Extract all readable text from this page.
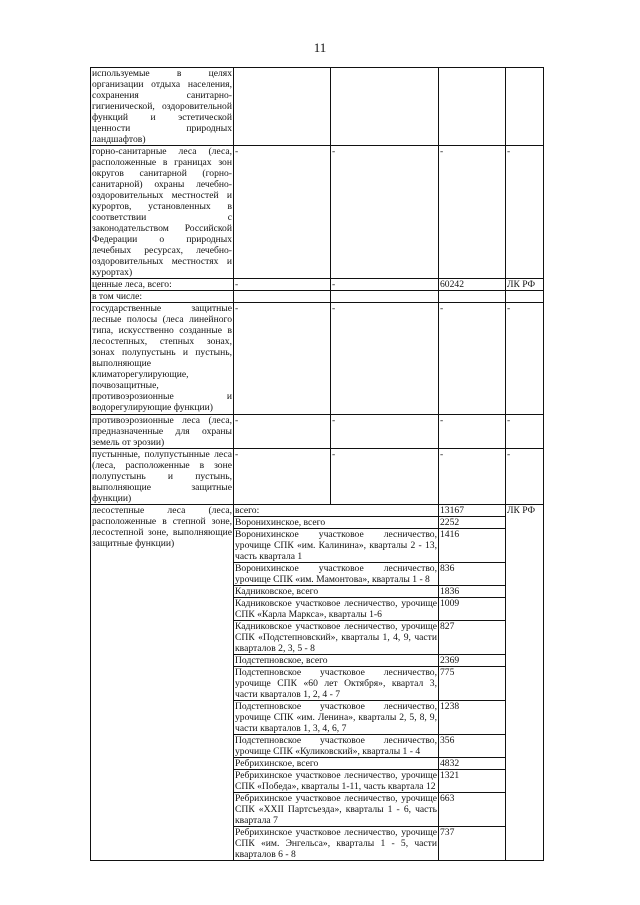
11
используемые в целях организации отдыха населения, сохранения санитарно-гигиенической, оздоровительной функций и эстетической ценности природных ландшафтов)				
горно-санитарные леса (леса, расположенные в границах зон округов санитарной (горно-санитарной) охраны лечебно-оздоровительных местностей и курортов, установленных в соответствии с законодательством Российской Федерации о природных лечебных ресурсах, лечебно-оздоровительных местностях и курортах)	-	-	-	-
ценные леса, всего:	-	-	60242	ЛК РФ
в том числе:				
государственные защитные лесные полосы (леса линейного типа, искусственно созданные в лесостепных, степных зонах, зонах полупустынь и пустынь, выполняющие климаторегулирующие, почвозащитные, противоэрозионные и водорегулирующие функции)	-	-	-	-
противоэрозионные леса (леса, предназначенные для охраны земель от эрозии)	-	-	-	-
пустынные, полупустынные леса (леса, расположенные в зоне полупустынь и пустынь, выполняющие защитные функции)	-	-	-	-
лесостепные леса (леса, расположенные в степной зоне, лесостепной зоне, выполняющие защитные функции)	всего:		13167	ЛК РФ
	Воронихинское, всего		2252	
	Воронихинское участковое лесничество, урочище СПК «им. Калинина», кварталы 2 - 13, часть квартала 1		1416	
	Воронихинское участковое лесничество, урочище СПК «им. Мамонтова», кварталы 1 - 8		836	
	Кадниковское, всего		1836	
	Кадниковское участковое лесничество, урочище СПК «Карла Маркса», кварталы 1-6		1009	
	Кадниковское участковое лесничество, урочище СПК «Подстепновский», кварталы 1, 4, 9, части кварталов 2, 3, 5 - 8		827	
	Подстепновское, всего		2369	
	Подстепновское участковое лесничество, урочище СПК «60 лет Октября», квартал 3, части кварталов 1, 2, 4 - 7		775	
	Подстепновское участковое лесничество, урочище СПК «им. Ленина», кварталы 2, 5, 8, 9, части кварталов 1, 3, 4, 6, 7		1238	
	Подстепновское участковое лесничество, урочище СПК «Куликовский», кварталы 1 - 4		356	
	Ребрихинское, всего		4832	
	Ребрихинское участковое лесничество, урочище СПК «Победа», кварталы 1-11, часть квартала 12		1321	
	Ребрихинское участковое лесничество, урочище СПК «XXII Партсъезда», кварталы 1 - 6, часть квартала 7		663	
	Ребрихинское участковое лесничество, урочище СПК «им. Энгельса», кварталы 1 - 5, части кварталов 6 - 8		737	
